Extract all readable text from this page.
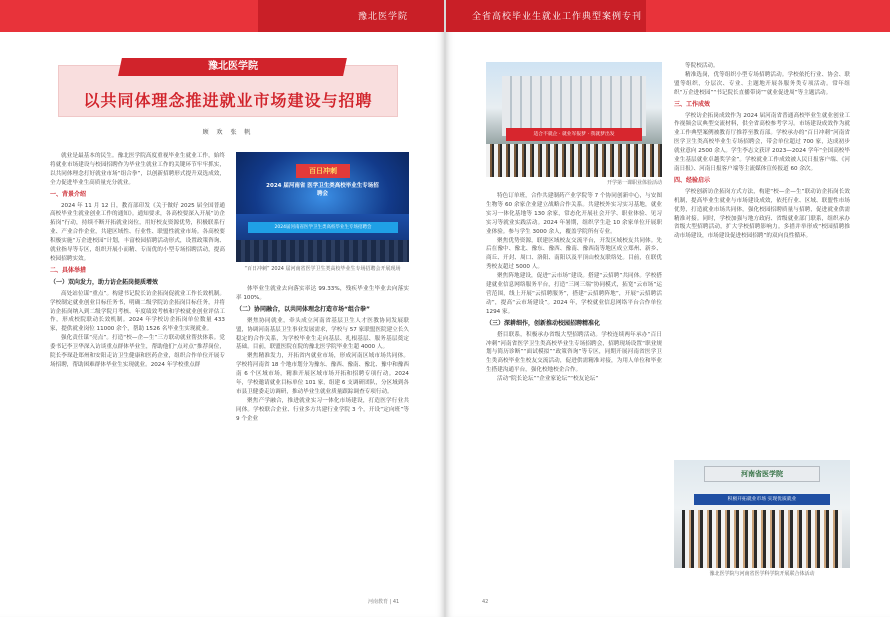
豫北医学院
豫北医学院
以共同体理念推进就业市场建设与招聘
顾 欢 张 帆

就业是最基本的民生。豫北医学院高度重视毕业生就业工作，始终将就业市场建设与校园招聘作为毕业生就业工作的关键环节牢牢抓实，以共同体理念打好就业市场“组合拳”，以创新招聘形式提升双选成效，全力促进毕业生高质量充分就业。

一、背景介绍

2024 年 11 月 12 日，教育部印发《关于做好 2025 届全国普通高校毕业生就业创业工作的通知》。通知要求，各高校要深入开展“访企拓岗”行动，持续不断开拓就业岗位，用好校友资源优势，积极联系行业、产业合作企业，共建区域性、行业性、联盟性就业市场。各高校要积极实施“万企进校园”计划，丰富校园招聘活动形式，设置政策咨询、就业指导等专区，组织开展小而精、专而优的小型专场招聘活动，提高校园招聘实效。

二、具体举措
（一）双向发力，助力访企拓岗提质增效

高处站位谋“重点”。构建书记院长访企拓岗促就业工作长效机制。学校制定就业创业目标任务书，明确二级学院访企拓岗目标任务，并将访企拓岗纳入到二级学院月考核、年度绩效考核和学校就业创业评估工作，形成校院联动长效机制。2024 年学校访企拓岗单位数量 433 家，提供就业岗位 11000 余个，帮助 1526 名毕业生实现就业。

强化责任谋“亮点”。打造“校—企—生”三方联动就业帮扶体系。党委书记李卫华深入访谈重点群体毕业生，帮助他们“点对点”推荐岗位，院长李琛赴郑州和安阳走访卫生健康和医药企业，组织合作单位开展专场招聘，帮助困难群体毕业生实现就业。2024 年学校重点群

百日冲刺
2024 届河南省 医学卫生类高校毕业生专场招聘会
2024届河南省医学卫生类高校毕业生专场招聘会
“百日冲刺” 2024 届河南省医学卫生类高校毕业生专场招聘会开展现场

体毕业生就业去向落实率达 99.33%，残疾毕业生毕业去向落实率 100%。

（二）协同融合，以共同体理念打造市场“组合拳”

聚焦协同就业，牵头成立河南省基层卫生人才医教协同发展联盟，协调河南基层卫生事业发展需求，学校与 57 家联盟医院建立长久稳定的合作关系，为学校毕业生走向基层、扎根基层、服务基层奠定基础。目前，联盟医院在院的豫北医学院毕业生超 4000 人。

聚焦精准发力，开拓省内就业市场，形成河南区域市场共同体。学校将河南省 18 个地市划分为豫东、豫西、豫南、豫北、豫中和豫西南 6 个区域市场，精准开展区域市场开拓和招聘专项行动。2024 年，学校邀请就业目标单位 101 家，组建 6 支调研团队，分区域到各市县卫健委走访调研，推动毕业生就业质量跟踪调查专项行动。

聚焦产学融合，推进就业实习一体化市场建设，打造医学行业共同体。学校联合企业、行业多方共建行业学院 3 个，开设“定向班”等 9 个企业

河南教育 | 41
全省高校毕业生就业工作典型案例专刊
适合不就企 · 就业军报梦 · 我就梦出发
开学第一课职业体验活动

特色订单班，合作共建制药产业学院等 7 个协同创新中心，与安图生物等 60 余家企业建立战略合作关系。共建校外实习实习基地，就业实习一体化基地等 130 余家，常态化开展社会开学、职业体验、见习实习等就业实践活动。2024 年暑期，组织学生赴 10 余家单位开展职业体验。参与学生 3000 余人，覆盖学院所有专业。

聚焦优势资源，联建区域校友交流平台，开发区域校友共同体。先后在豫中、豫北、豫东、豫西、豫南、豫西南等地区成立郑州、新乡、商丘、开封、周口、洛阳、南阳以及平顶山校友联络处。目前，在联优秀校友超过 5000 人。

聚焦阵地建设，促进“云市场”建设。搭建“云招聘”共同体。学校搭建就业信息网络服务平台，打造“三网三端”协同模式，拓宽“云市场”运营范围，线上开展“云招聘服务”，搭建“云招聘阵地”，开展“云招聘活动”，提高“云市场建设”。2024 年，学校就业信息网络平台合作单位 1294 家。

（三）深耕细作，创新推动校园招聘精准化

搭目联系，积极承办省级大型招聘活动。学校连续两年承办“百日冲刺”河南省医学卫生类高校毕业生专场招聘会，招聘现场设置“职业规划与简历诊断”“面试模拟”“政策咨询”等专区，同期开展河南省医学卫生类高校毕业生校友交流活动，促进供需精准对接，为用人单位和毕业生搭建沟通平台，强化校地校企合作。

活动“院长论坛”“企业家论坛”“校友论坛”

等院校活动。

精准选岗，优等组织小型专场招聘活动。学校依托行业、协会、联盟等组织，分层次、专业、主题地开展各服务类专项活动。常年组织“万企进校园”“书记院长直播带岗”“就业促进周”等主题活动。

三、工作成效

学校访企拓岗成效作为 2024 届河南省普通高校毕业生就业创业工作视频会议典型交流材料，供全省高校参考学习。市场建设成效作为就业工作典型案例被教育厅推荐至教育部。学校承办的“百日冲刺”河南省医学卫生类高校毕业生专场招聘会，带会单位超过 700 家，达成初步就业意向 2500 余人。学生李志文获评 2023—2024 学年“全国高校毕业生基层就业卓越奖学金”。学校就业工作成效被人民日报客户端、《河南日报》、河南日报客户端等主流媒体宣传报道 60 余次。

四、经验启示

学校创新访企拓岗方式方法，构建“校—企—生”联动访企拓岗长效机制，提高毕业生就业与市场建设成效，依托行业、区域、联盟性市场优势，打造就业市场共同体，强化校园招聘质量与招聘，促进就业供需精准对接。同时，学校加强与地方政府、省级就业部门联系，组织承办省级大型招聘活动，扩大学校招聘影响力。多措并举形成“校园招聘推动市场建设，市场建设促进校园招聘”的双向良性循环。

河南省医学院
积极开拓就业市场 实现优质就业
豫北医学院与河南省医学科学院开展联合体活动
42
